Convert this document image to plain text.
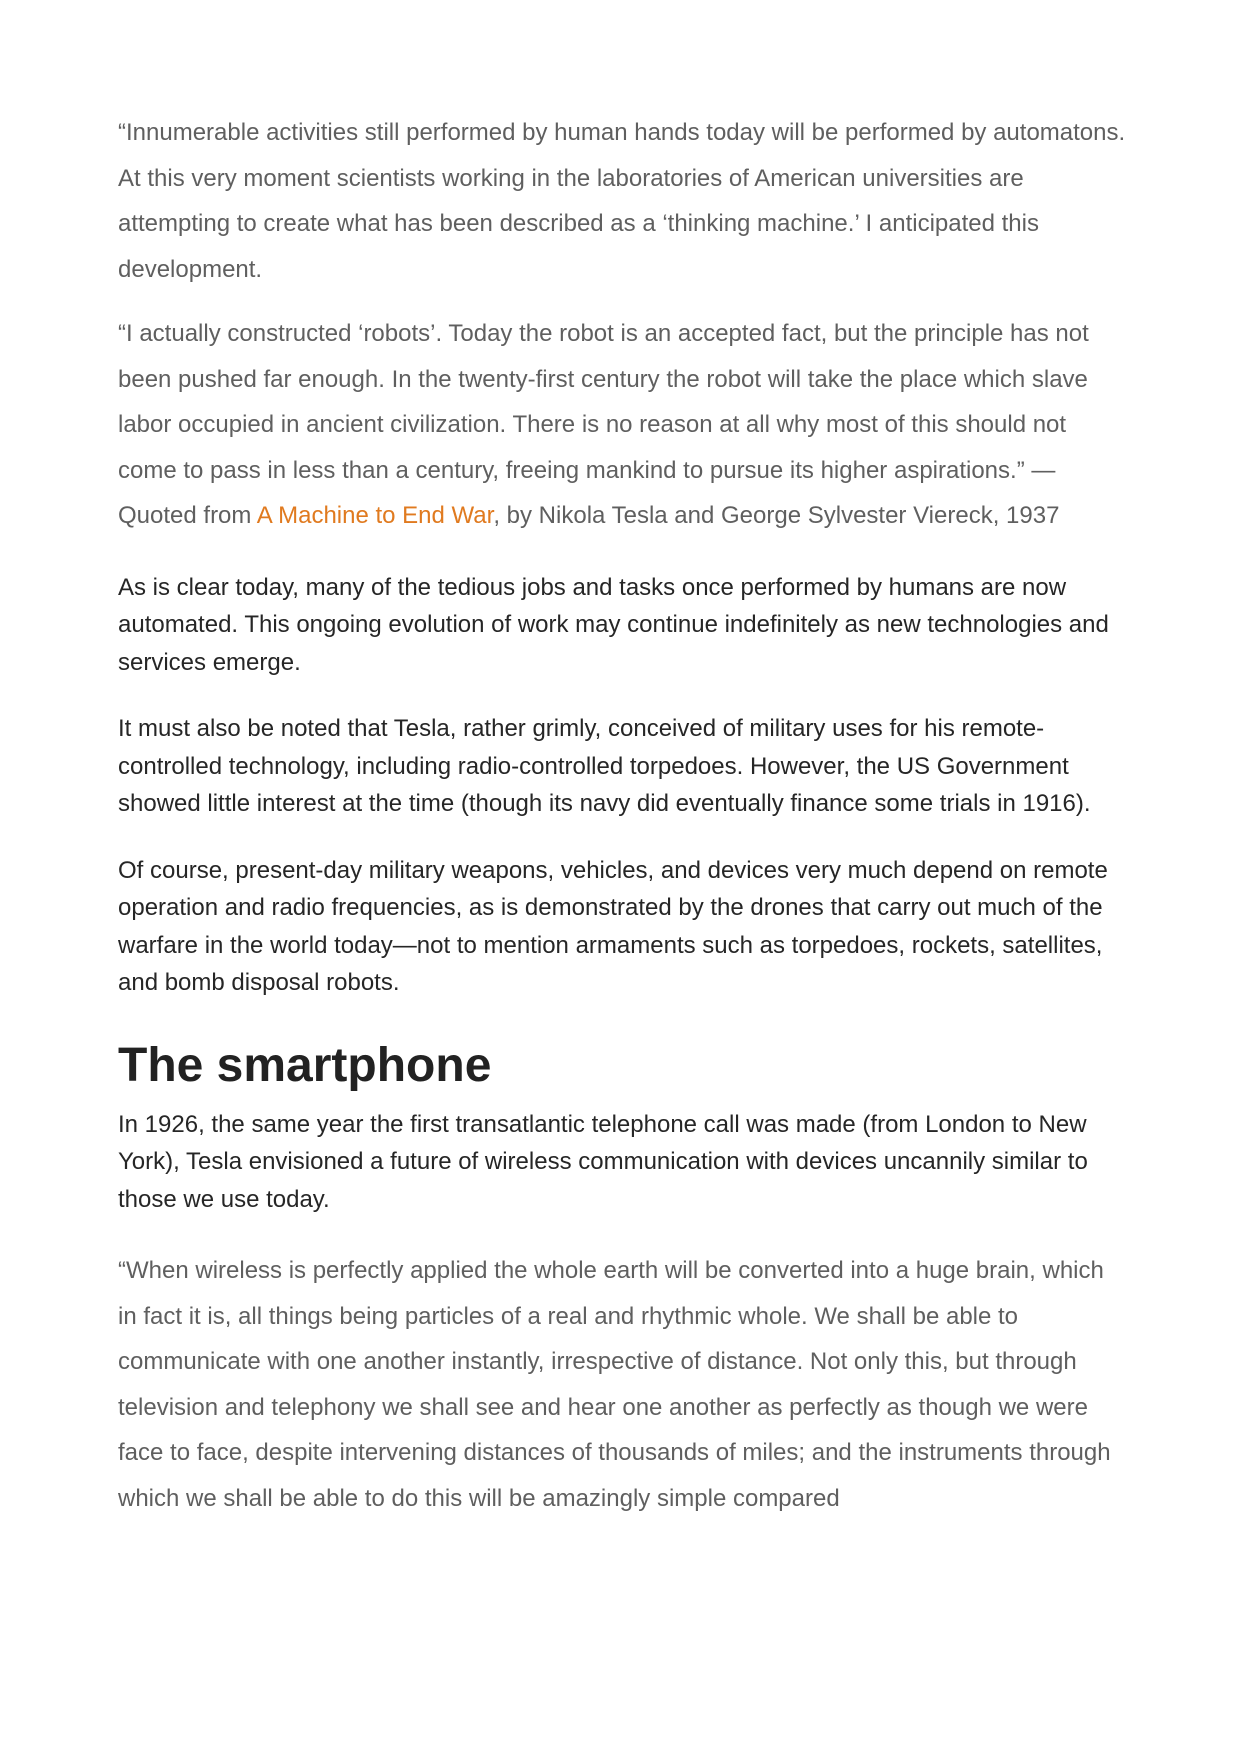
“Innumerable activities still performed by human hands today will be performed by automatons. At this very moment scientists working in the laboratories of American universities are attempting to create what has been described as a ‘thinking machine.’ I anticipated this development.

“I actually constructed ‘robots’. Today the robot is an accepted fact, but the principle has not been pushed far enough. In the twenty-first century the robot will take the place which slave labor occupied in ancient civilization. There is no reason at all why most of this should not come to pass in less than a century, freeing mankind to pursue its higher aspirations.” —Quoted from A Machine to End War, by Nikola Tesla and George Sylvester Viereck, 1937

As is clear today, many of the tedious jobs and tasks once performed by humans are now automated. This ongoing evolution of work may continue indefinitely as new technologies and services emerge.

It must also be noted that Tesla, rather grimly, conceived of military uses for his remote-controlled technology, including radio-controlled torpedoes. However, the US Government showed little interest at the time (though its navy did eventually finance some trials in 1916).

Of course, present-day military weapons, vehicles, and devices very much depend on remote operation and radio frequencies, as is demonstrated by the drones that carry out much of the warfare in the world today—not to mention armaments such as torpedoes, rockets, satellites, and bomb disposal robots.

The smartphone

In 1926, the same year the first transatlantic telephone call was made (from London to New York), Tesla envisioned a future of wireless communication with devices uncannily similar to those we use today.

“When wireless is perfectly applied the whole earth will be converted into a huge brain, which in fact it is, all things being particles of a real and rhythmic whole. We shall be able to communicate with one another instantly, irrespective of distance. Not only this, but through television and telephony we shall see and hear one another as perfectly as though we were face to face, despite intervening distances of thousands of miles; and the instruments through which we shall be able to do this will be amazingly simple compared
